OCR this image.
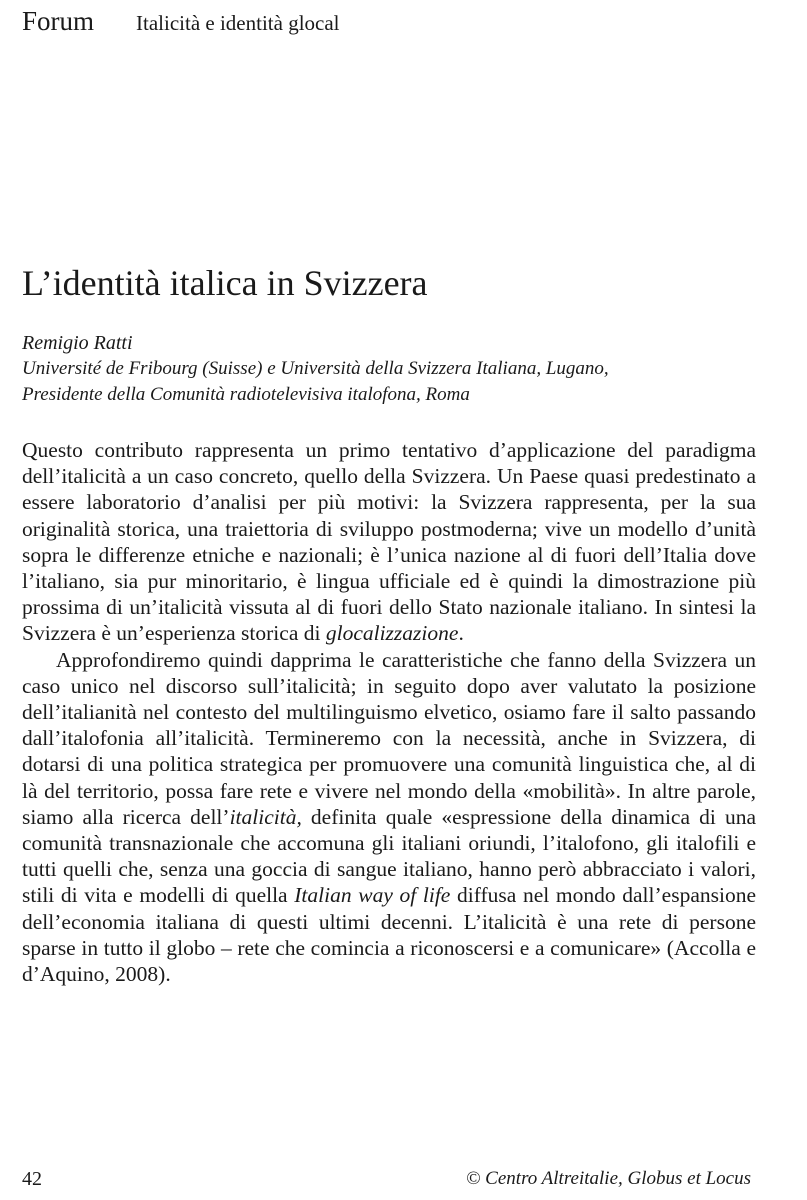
Forum Italicità e identità glocal
L’identità italica in Svizzera
Remigio Ratti
Université de Fribourg (Suisse) e Università della Svizzera Italiana, Lugano,
Presidente della Comunità radiotelevisiva italofona, Roma

Questo contributo rappresenta un primo tentativo d’applicazione del paradigma dell’italicità a un caso concreto, quello della Svizzera. Un Paese quasi predestinato a essere laboratorio d’analisi per più motivi: la Svizzera rappresenta, per la sua originalità storica, una traiettoria di sviluppo postmoderna; vive un modello d’unità sopra le differenze etniche e nazionali; è l’unica nazione al di fuori dell’Italia dove l’italiano, sia pur minoritario, è lingua ufficiale ed è quindi la dimostrazione più prossima di un’italicità vissuta al di fuori dello Stato nazionale italiano. In sintesi la Svizzera è un’esperienza storica di glocalizzazione.

Approfondiremo quindi dapprima le caratteristiche che fanno della Svizzera un caso unico nel discorso sull’italicità; in seguito dopo aver valutato la posizione dell’italianità nel contesto del multilinguismo elvetico, osiamo fare il salto passando dall’italofonia all’italicità. Termineremo con la necessità, anche in Svizzera, di dotarsi di una politica strategica per promuovere una comunità linguistica che, al di là del territorio, possa fare rete e vivere nel mondo della «mobilità». In altre parole, siamo alla ricerca dell’italicità, definita quale «espressione della dinamica di una comunità transnazionale che accomuna gli italiani oriundi, l’italofono, gli italofili e tutti quelli che, senza una goccia di sangue italiano, hanno però abbracciato i valori, stili di vita e modelli di quella Italian way of life diffusa nel mondo dall’espansione dell’economia italiana di questi ultimi decenni. L’italicità è una rete di persone sparse in tutto il globo – rete che comincia a riconoscersi e a comunicare» (Accolla e d’Aquino, 2008).

42	© Centro Altreitalie, Globus et Locus
